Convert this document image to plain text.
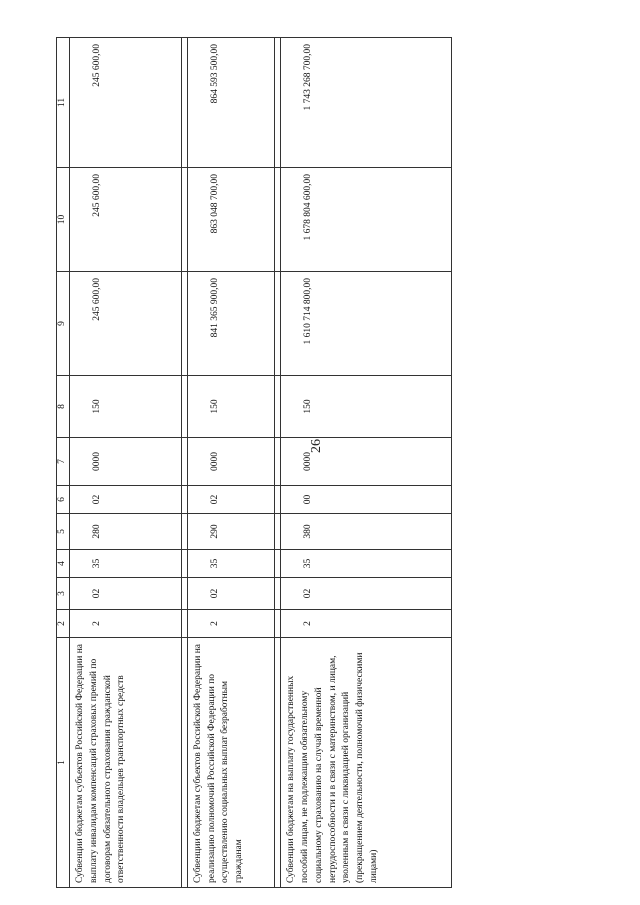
26
1	2	3	4	5	6	7	8	9	10	11
Субвенции бюджетам субъектов Российской Федерации на выплату инвалидам компенсаций страховых премий по договорам обязательного страхования гражданской ответственности владельцев транспортных средств	2	02	35	280	02	0000	150	245 600,00	245 600,00	245 600,00

Субвенции бюджетам субъектов Российской Федерации на реализацию полномочий Российской Федерации по осуществлению социальных выплат безработным гражданам	2	02	35	290	02	0000	150	841 365 900,00	863 048 700,00	864 593 500,00

Субвенции бюджетам на выплату государственных пособий лицам, не подлежащим обязательному социальному страхованию на случай временной нетрудоспособности и в связи с материнством, и лицам, уволенным в связи с ликвидацией организаций (прекращением деятельности, полномочий физическими лицами)	2	02	35	380	00	0000	150	1 610 714 800,00	1 678 804 600,00	1 743 268 700,00
